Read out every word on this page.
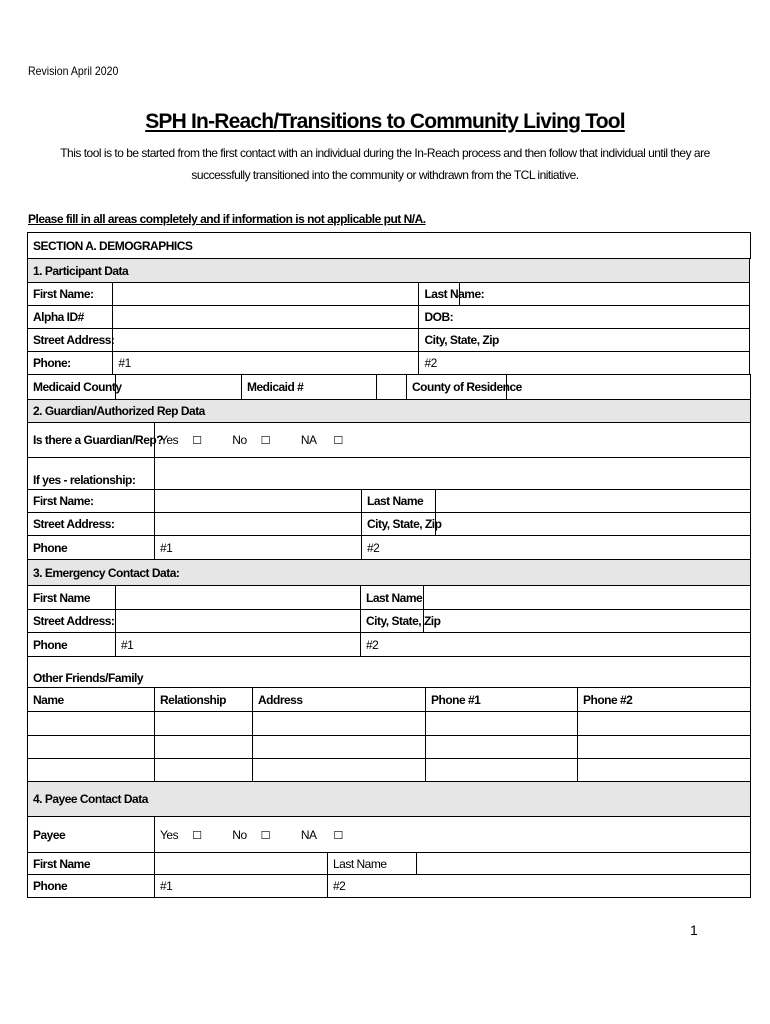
Revision April 2020
SPH In-Reach/Transitions to Community Living Tool
This tool is to be started from the first contact with an individual during the In-Reach process and then follow that individual until they are
successfully transitioned into the community or withdrawn from the TCL initiative.
Please fill in all areas completely and if information is not applicable put N/A.
SECTION A. DEMOGRAPHICS
1. Participant Data			
First Name:		Last Name:	
Alpha ID#		DOB:	
Street Address:		City, State, Zip	
Phone:	#1	#2	
Medicaid County		Medicaid #		County of Residence	
2. Guardian/Authorized Rep Data			
Is there a Guardian/Rep?	Yes ☐ No ☐ NA ☐		
If yes - relationship:			
First Name:		Last Name	
Street Address:		City, State, Zip	
Phone	#1	#2	
3. Emergency Contact Data:			
First Name		Last Name	
Street Address:		City, State, Zip	
Phone	#1	#2	
Other Friends/Family				
Name	Relationship	Address	Phone #1	Phone #2

4. Payee Contact Data			
Payee	Yes ☐ No ☐ NA ☐		
First Name		Last Name	
Phone	#1	#2	
1
